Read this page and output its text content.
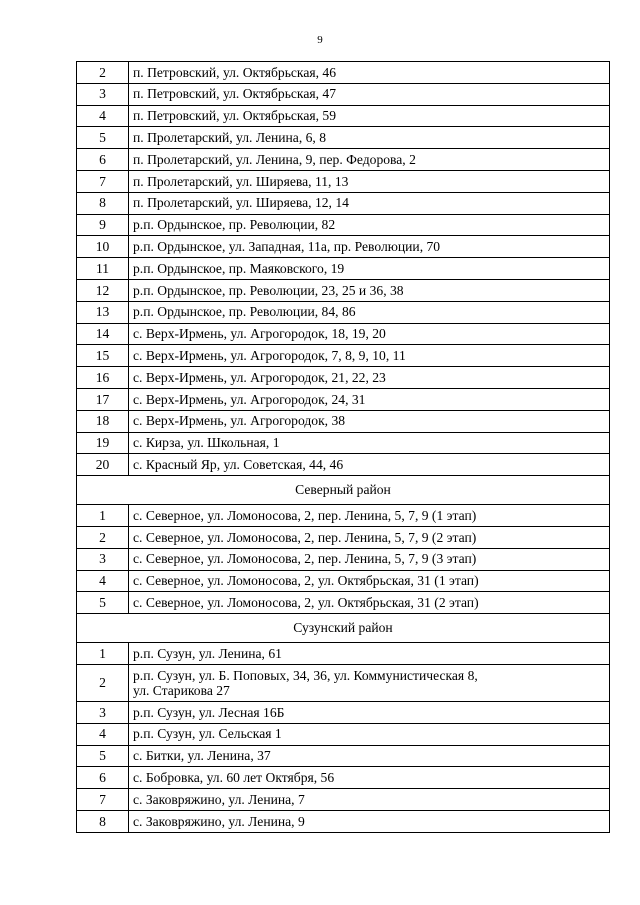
9
2	п. Петровский, ул. Октябрьская, 46
3	п. Петровский, ул. Октябрьская, 47
4	п. Петровский, ул. Октябрьская, 59
5	п. Пролетарский, ул. Ленина, 6, 8
6	п. Пролетарский, ул. Ленина, 9, пер. Федорова, 2
7	п. Пролетарский, ул. Ширяева, 11, 13
8	п. Пролетарский, ул. Ширяева, 12, 14
9	р.п. Ордынское, пр. Революции, 82
10	р.п. Ордынское, ул. Западная, 11а, пр. Революции, 70
11	р.п. Ордынское, пр. Маяковского, 19
12	р.п. Ордынское, пр. Революции, 23, 25 и 36, 38
13	р.п. Ордынское, пр. Революции, 84, 86
14	с. Верх-Ирмень, ул. Агрогородок, 18, 19, 20
15	с. Верх-Ирмень, ул. Агрогородок, 7, 8, 9, 10, 11
16	с. Верх-Ирмень, ул. Агрогородок, 21, 22, 23
17	с. Верх-Ирмень, ул. Агрогородок, 24, 31
18	с. Верх-Ирмень, ул. Агрогородок, 38
19	с. Кирза, ул. Школьная, 1
20	с. Красный Яр, ул. Советская, 44, 46
Северный район	
1	с. Северное, ул. Ломоносова, 2, пер. Ленина, 5, 7, 9 (1 этап)
2	с. Северное, ул. Ломоносова, 2, пер. Ленина, 5, 7, 9 (2 этап)
3	с. Северное, ул. Ломоносова, 2, пер. Ленина, 5, 7, 9 (3 этап)
4	с. Северное, ул. Ломоносова, 2, ул. Октябрьская, 31 (1 этап)
5	с. Северное, ул. Ломоносова, 2, ул. Октябрьская, 31 (2 этап)
Сузунский район	
1	р.п. Сузун, ул. Ленина, 61
2	р.п. Сузун, ул. Б. Поповых, 34, 36, ул. Коммунистическая 8,
ул. Старикова 27
3	р.п. Сузун, ул. Лесная 16Б
4	р.п. Сузун, ул. Сельская 1
5	с. Битки, ул. Ленина, 37
6	с. Бобровка, ул. 60 лет Октября, 56
7	с. Заковряжино, ул. Ленина, 7
8	с. Заковряжино, ул. Ленина, 9
